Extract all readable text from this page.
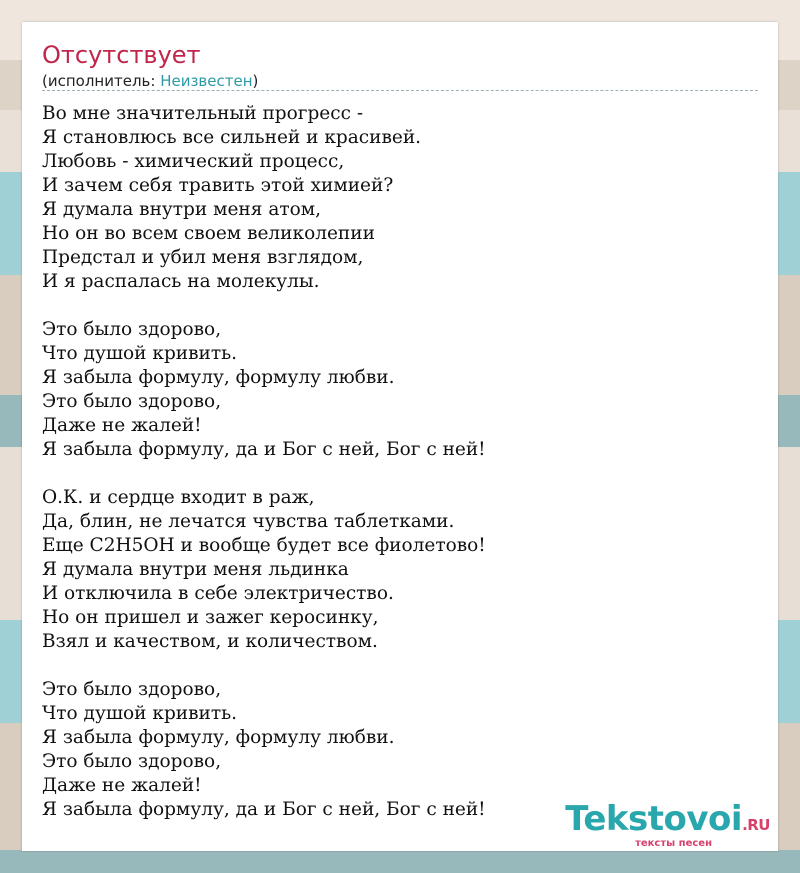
Отсутствует
(исполнитель: Неизвестен)
Во мне значительный прогресс -
Я становлюсь все сильней и красивей.
Любовь - химический процесс,
И зачем себя травить этой химией?
Я думала внутри меня атом,
Но он во всем своем великолепии
Предстал и убил меня взглядом,
И я распалась на молекулы.
Это было здорово,
Что душой кривить.
Я забыла формулу, формулу любви.
Это было здорово,
Даже не жалей!
Я забыла формулу, да и Бог с ней, Бог с ней!
О.К. и сердце входит в раж,
Да, блин, не лечатся чувства таблетками.
Еще C2H5OH и вообще будет все фиолетово!
Я думала внутри меня льдинка
И отключила в себе электричество.
Но он пришел и зажег керосинку,
Взял и качеством, и количеством.
Это было здорово,
Что душой кривить.
Я забыла формулу, формулу любви.
Это было здорово,
Даже не жалей!
Я забыла формулу, да и Бог с ней, Бог с ней!	Tekstovoi.RU
тексты песен
